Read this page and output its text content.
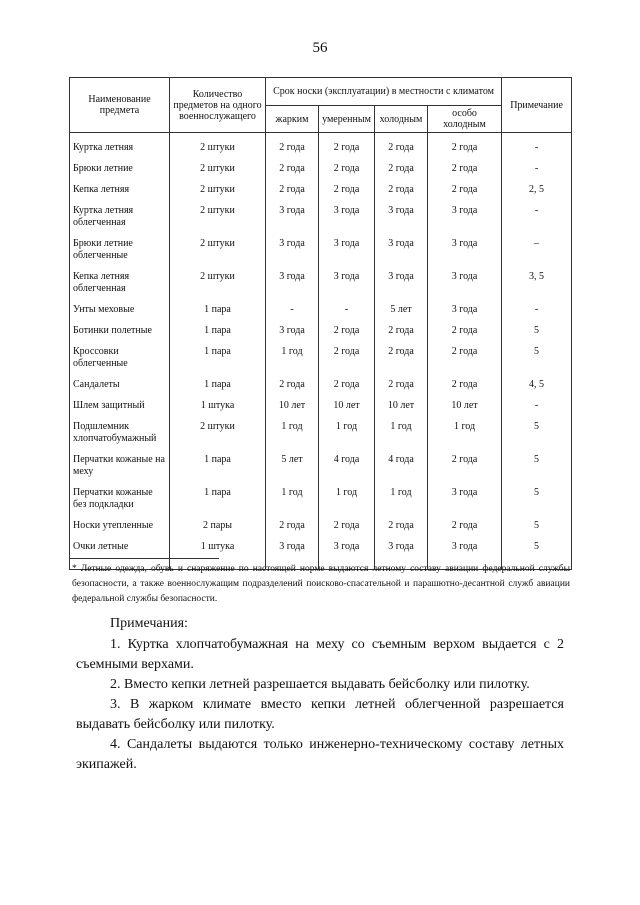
56
Наименование предмета	Количество предметов на одного военнослужащего	Срок носки (эксплуатации) в местности с климатом				Примечание
		жарким	умеренным	холодным	особо холодным	
Куртка летняя	2 штуки	2 года	2 года	2 года	2 года	-
Брюки летние	2 штуки	2 года	2 года	2 года	2 года	-
Кепка летняя	2 штуки	2 года	2 года	2 года	2 года	2, 5
Куртка летняя облегченная	2 штуки	3 года	3 года	3 года	3 года	-
Брюки летние облегченные	2 штуки	3 года	3 года	3 года	3 года	–
Кепка летняя облегченная	2 штуки	3 года	3 года	3 года	3 года	3, 5
Унты меховые	1 пара	-	-	5 лет	3 года	-
Ботинки полетные	1 пара	3 года	2 года	2 года	2 года	5
Кроссовки облегченные	1 пара	1 год	2 года	2 года	2 года	5
Сандалеты	1 пара	2 года	2 года	2 года	2 года	4, 5
Шлем защитный	1 штука	10 лет	10 лет	10 лет	10 лет	-
Подшлемник хлопчатобумажный	2 штуки	1 год	1 год	1 год	1 год	5
Перчатки кожаные на меху	1 пара	5 лет	4 года	4 года	2 года	5
Перчатки кожаные без подкладки	1 пара	1 год	1 год	1 год	3 года	5
Носки утепленные	2 пары	2 года	2 года	2 года	2 года	5
Очки летные	1 штука	3 года	3 года	3 года	3 года	5
* Летные одежда, обувь и снаряжение по настоящей норме выдаются летному составу авиации федеральной службы безопасности, а также военнослужащим подразделений поисково-спасательной и парашютно-десантной служб авиации федеральной службы безопасности.
Примечания:

1. Куртка хлопчатобумажная на меху со съемным верхом выдается с 2 съемными верхами.

2. Вместо кепки летней разрешается выдавать бейсболку или пилотку.

3. В жарком климате вместо кепки летней облегченной разрешается выдавать бейсболку или пилотку.

4. Сандалеты выдаются только инженерно-техническому составу летных экипажей.
